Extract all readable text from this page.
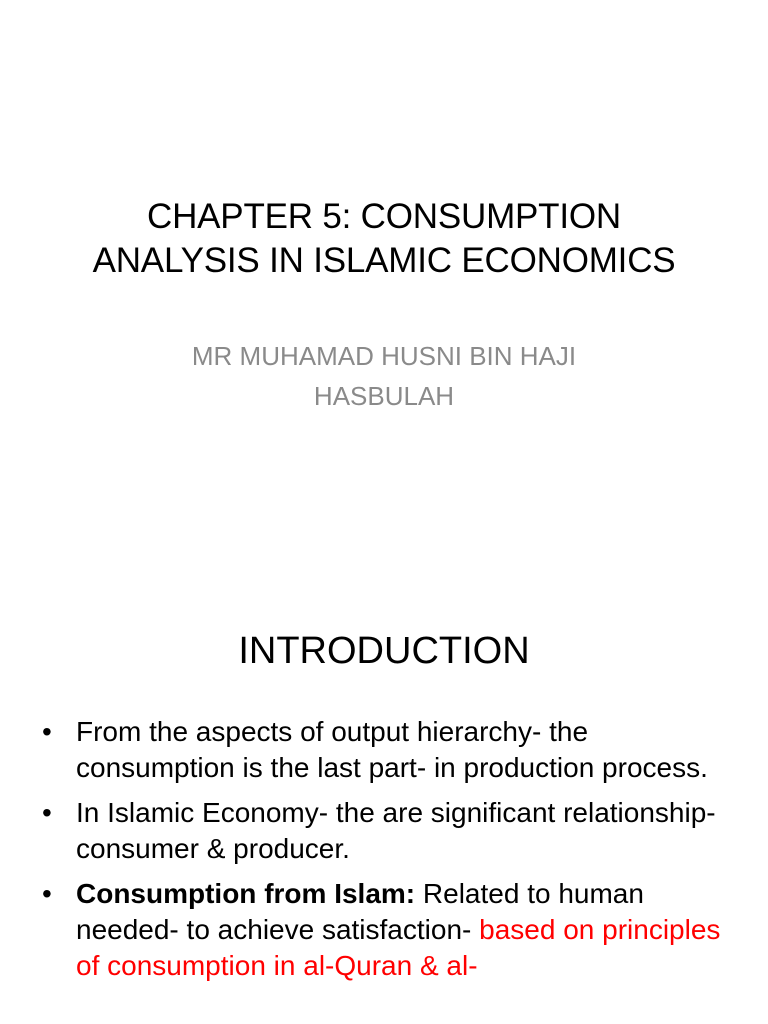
CHAPTER 5: CONSUMPTION
ANALYSIS IN ISLAMIC ECONOMICS
MR MUHAMAD HUSNI BIN HAJI
HASBULAH
INTRODUCTION
• From the aspects of output hierarchy- the consumption is the last part- in production process.
• In Islamic Economy- the are significant relationship- consumer & producer.
• Consumption from Islam: Related to human needed- to achieve satisfaction- based on principles of consumption in al-Quran & al-
